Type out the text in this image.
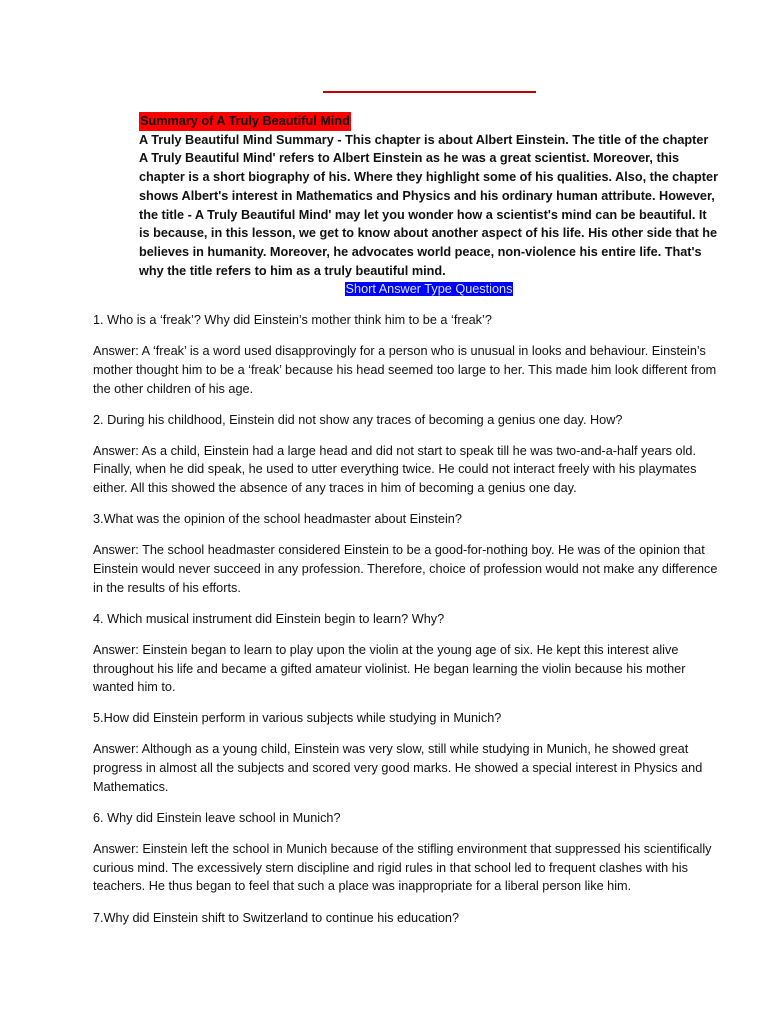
Summary of A Truly Beautiful Mind

A Truly Beautiful Mind Summary - This chapter is about Albert Einstein. The title of the chapter A Truly Beautiful Mind' refers to Albert Einstein as he was a great scientist. Moreover, this chapter is a short biography of his. Where they highlight some of his qualities. Also, the chapter shows Albert's interest in Mathematics and Physics and his ordinary human attribute. However, the title - A Truly Beautiful Mind' may let you wonder how a scientist's mind can be beautiful. It is because, in this lesson, we get to know about another aspect of his life. His other side that he believes in humanity. Moreover, he advocates world peace, non-violence his entire life. That's why the title refers to him as a truly beautiful mind.

Short Answer Type Questions

1. Who is a ‘freak’? Why did Einstein’s mother think him to be a ‘freak’?

Answer: A ‘freak’ is a word used disapprovingly for a person who is unusual in looks and behaviour. Einstein’s mother thought him to be a ‘freak’ because his head seemed too large to her. This made him look different from the other children of his age.

2. During his childhood, Einstein did not show any traces of becoming a genius one day. How?

Answer: As a child, Einstein had a large head and did not start to speak till he was two-and-a-half years old. Finally, when he did speak, he used to utter everything twice. He could not interact freely with his playmates either. All this showed the absence of any traces in him of becoming a genius one day.

3.What was the opinion of the school headmaster about Einstein?

Answer: The school headmaster considered Einstein to be a good-for-nothing boy. He was of the opinion that Einstein would never succeed in any profession. Therefore, choice of profession would not make any difference in the results of his efforts.

4. Which musical instrument did Einstein begin to learn? Why?

Answer: Einstein began to learn to play upon the violin at the young age of six. He kept this interest alive throughout his life and became a gifted amateur violinist. He began learning the violin because his mother wanted him to.

5.How did Einstein perform in various subjects while studying in Munich?

Answer: Although as a young child, Einstein was very slow, still while studying in Munich, he showed great progress in almost all the subjects and scored very good marks. He showed a special interest in Physics and Mathematics.

6. Why did Einstein leave school in Munich?

Answer: Einstein left the school in Munich because of the stifling environment that suppressed his scientifically curious mind. The excessively stern discipline and rigid rules in that school led to frequent clashes with his teachers. He thus began to feel that such a place was inappropriate for a liberal person like him.

7.Why did Einstein shift to Switzerland to continue his education?
